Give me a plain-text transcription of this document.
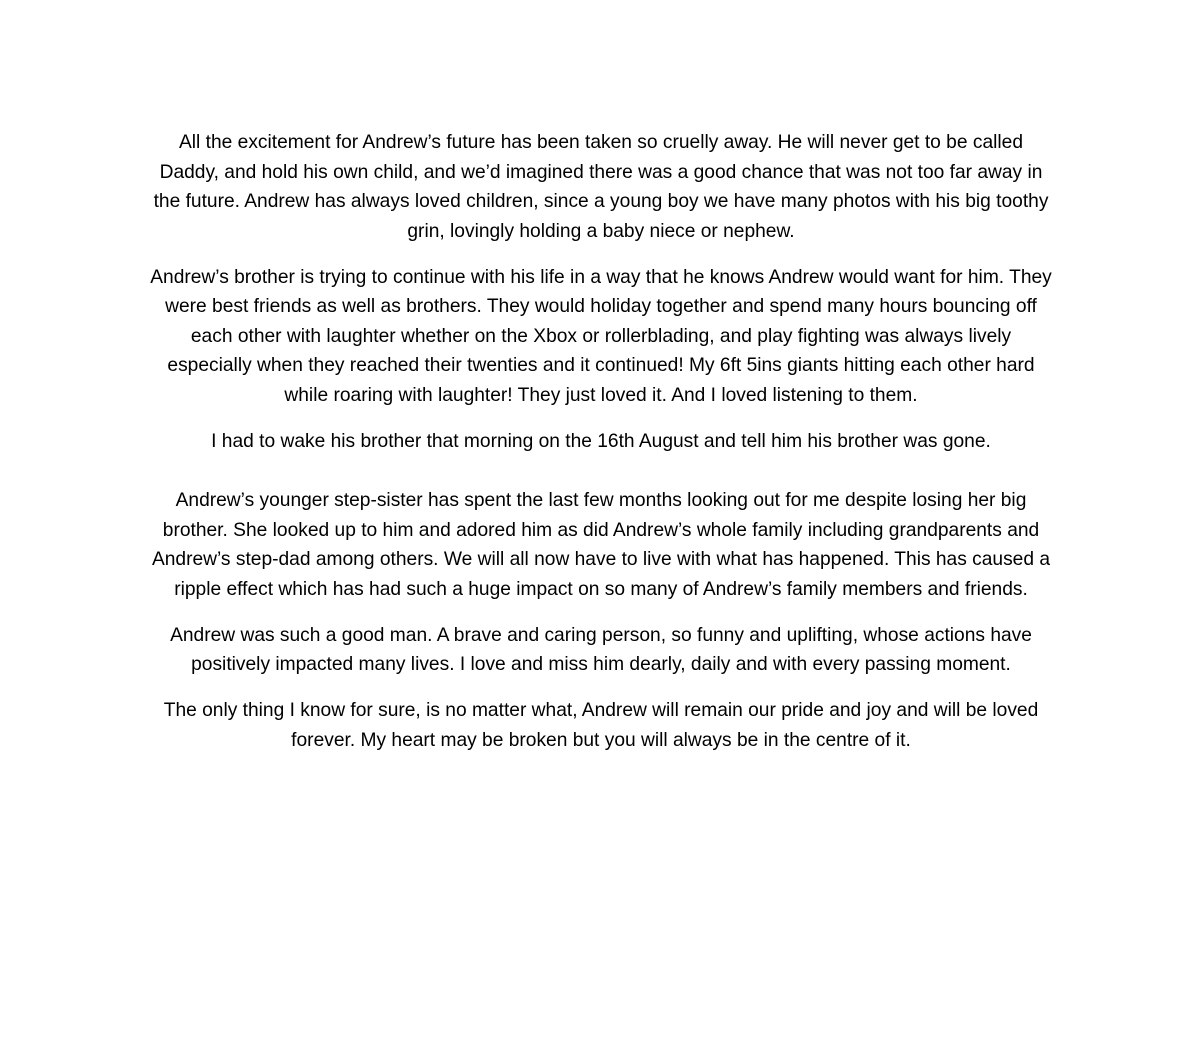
All the excitement for Andrew’s future has been taken so cruelly away. He will never get to be called Daddy, and hold his own child, and we’d imagined there was a good chance that was not too far away in the future. Andrew has always loved children, since a young boy we have many photos with his big toothy grin, lovingly holding a baby niece or nephew.

Andrew’s brother is trying to continue with his life in a way that he knows Andrew would want for him. They were best friends as well as brothers. They would holiday together and spend many hours bouncing off each other with laughter whether on the Xbox or rollerblading, and play fighting was always lively especially when they reached their twenties and it continued! My 6ft 5ins giants hitting each other hard while roaring with laughter! They just loved it. And I loved listening to them.

I had to wake his brother that morning on the 16th August and tell him his brother was gone.

Andrew’s younger step-sister has spent the last few months looking out for me despite losing her big brother. She looked up to him and adored him as did Andrew’s whole family including grandparents and Andrew’s step-dad among others. We will all now have to live with what has happened. This has caused a ripple effect which has had such a huge impact on so many of Andrew’s family members and friends.

Andrew was such a good man. A brave and caring person, so funny and uplifting, whose actions have positively impacted many lives. I love and miss him dearly, daily and with every passing moment.

The only thing I know for sure, is no matter what, Andrew will remain our pride and joy and will be loved forever. My heart may be broken but you will always be in the centre of it.
